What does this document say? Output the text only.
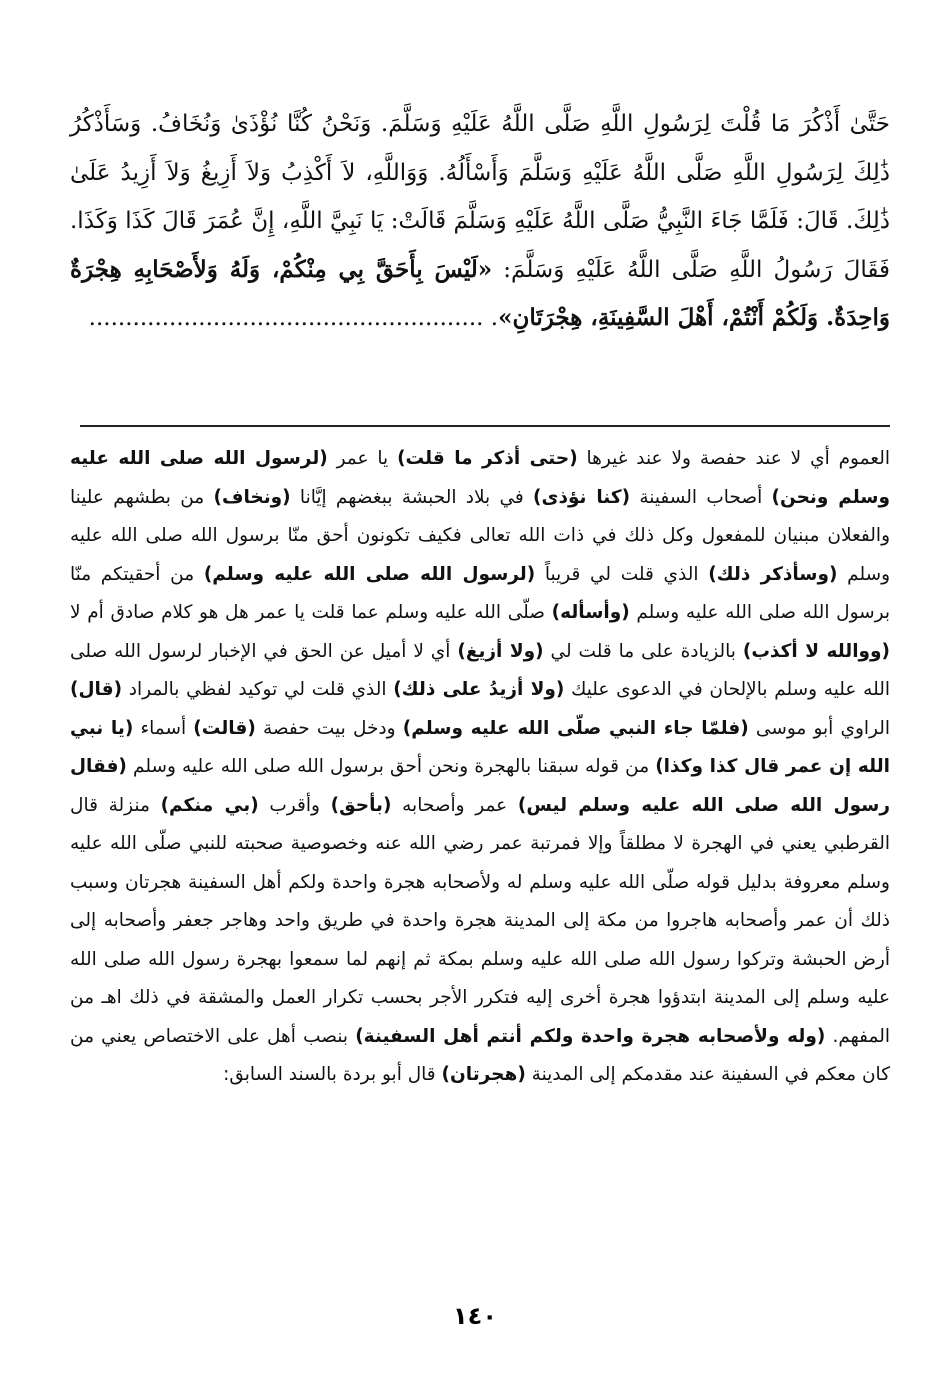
حَتَّىٰ أَذْكُرَ مَا قُلْتَ لِرَسُولِ اللَّهِ صَلَّى اللَّهُ عَلَيْهِ وَسَلَّمَ. وَنَحْنُ كُنَّا نُؤْذَىٰ وَنُخَافُ. وَسَأَذْكُرُ ذَٰلِكَ لِرَسُولِ اللَّهِ صَلَّى اللَّهُ عَلَيْهِ وَسَلَّمَ وَأَسْأَلُهُ. وَوَاللَّهِ، لاَ أَكْذِبُ وَلاَ أَزِيغُ وَلاَ أَزِيدُ عَلَىٰ ذَٰلِكَ. قَالَ: فَلَمَّا جَاءَ النَّبِيُّ صَلَّى اللَّهُ عَلَيْهِ وَسَلَّمَ قَالَتْ: يَا نَبِيَّ اللَّهِ، إِنَّ عُمَرَ قَالَ كَذَا وَكَذَا. فَقَالَ رَسُولُ اللَّهِ صَلَّى اللَّهُ عَلَيْهِ وَسَلَّمَ: «لَيْسَ بِأَحَقَّ بِي مِنْكُمْ، وَلَهُ وَلأَصْحَابِهِ هِجْرَةٌ وَاحِدَةٌ. وَلَكُمْ أَنْتُمْ، أَهْلَ السَّفِينَةِ، هِجْرَتَانِ». ......................................................

العموم أي لا عند حفصة ولا عند غيرها (حتى أذكر ما قلت) يا عمر (لرسول الله صلى الله عليه وسلم ونحن) أصحاب السفينة (كنا نؤذى) في بلاد الحبشة ببغضهم إيَّانا (ونخاف) من بطشهم علينا والفعلان مبنيان للمفعول وكل ذلك في ذات الله تعالى فكيف تكونون أحق منّا برسول الله صلى الله عليه وسلم (وسأذكر ذلك) الذي قلت لي قريباً (لرسول الله صلى الله عليه وسلم) من أحقيتكم منّا برسول الله صلى الله عليه وسلم (وأسأله) صلّى الله عليه وسلم عما قلت يا عمر هل هو كلام صادق أم لا (ووالله لا أكذب) بالزيادة على ما قلت لي (ولا أزيغ) أي لا أميل عن الحق في الإخبار لرسول الله صلى الله عليه وسلم بالإلحان في الدعوى عليك (ولا أزيدُ على ذلك) الذي قلت لي توكيد لفظي بالمراد (قال) الراوي أبو موسى (فلمّا جاء النبي صلّى الله عليه وسلم) ودخل بيت حفصة (قالت) أسماء (يا نبي الله إن عمر قال كذا وكذا) من قوله سبقنا بالهجرة ونحن أحق برسول الله صلى الله عليه وسلم (فقال رسول الله صلى الله عليه وسلم ليس) عمر وأصحابه (بأحق) وأقرب (بي منكم) منزلة قال القرطبي يعني في الهجرة لا مطلقاً وإلا فمرتبة عمر رضي الله عنه وخصوصية صحبته للنبي صلّى الله عليه وسلم معروفة بدليل قوله صلّى الله عليه وسلم له ولأصحابه هجرة واحدة ولكم أهل السفينة هجرتان وسبب ذلك أن عمر وأصحابه هاجروا من مكة إلى المدينة هجرة واحدة في طريق واحد وهاجر جعفر وأصحابه إلى أرض الحبشة وتركوا رسول الله صلى الله عليه وسلم بمكة ثم إنهم لما سمعوا بهجرة رسول الله صلى الله عليه وسلم إلى المدينة ابتدؤوا هجرة أخرى إليه فتكرر الأجر بحسب تكرار العمل والمشقة في ذلك اهـ من المفهم. (وله ولأصحابه هجرة واحدة ولكم أنتم أهل السفينة) بنصب أهل على الاختصاص يعني من كان معكم في السفينة عند مقدمكم إلى المدينة (هجرتان) قال أبو بردة بالسند السابق:

١٤٠
